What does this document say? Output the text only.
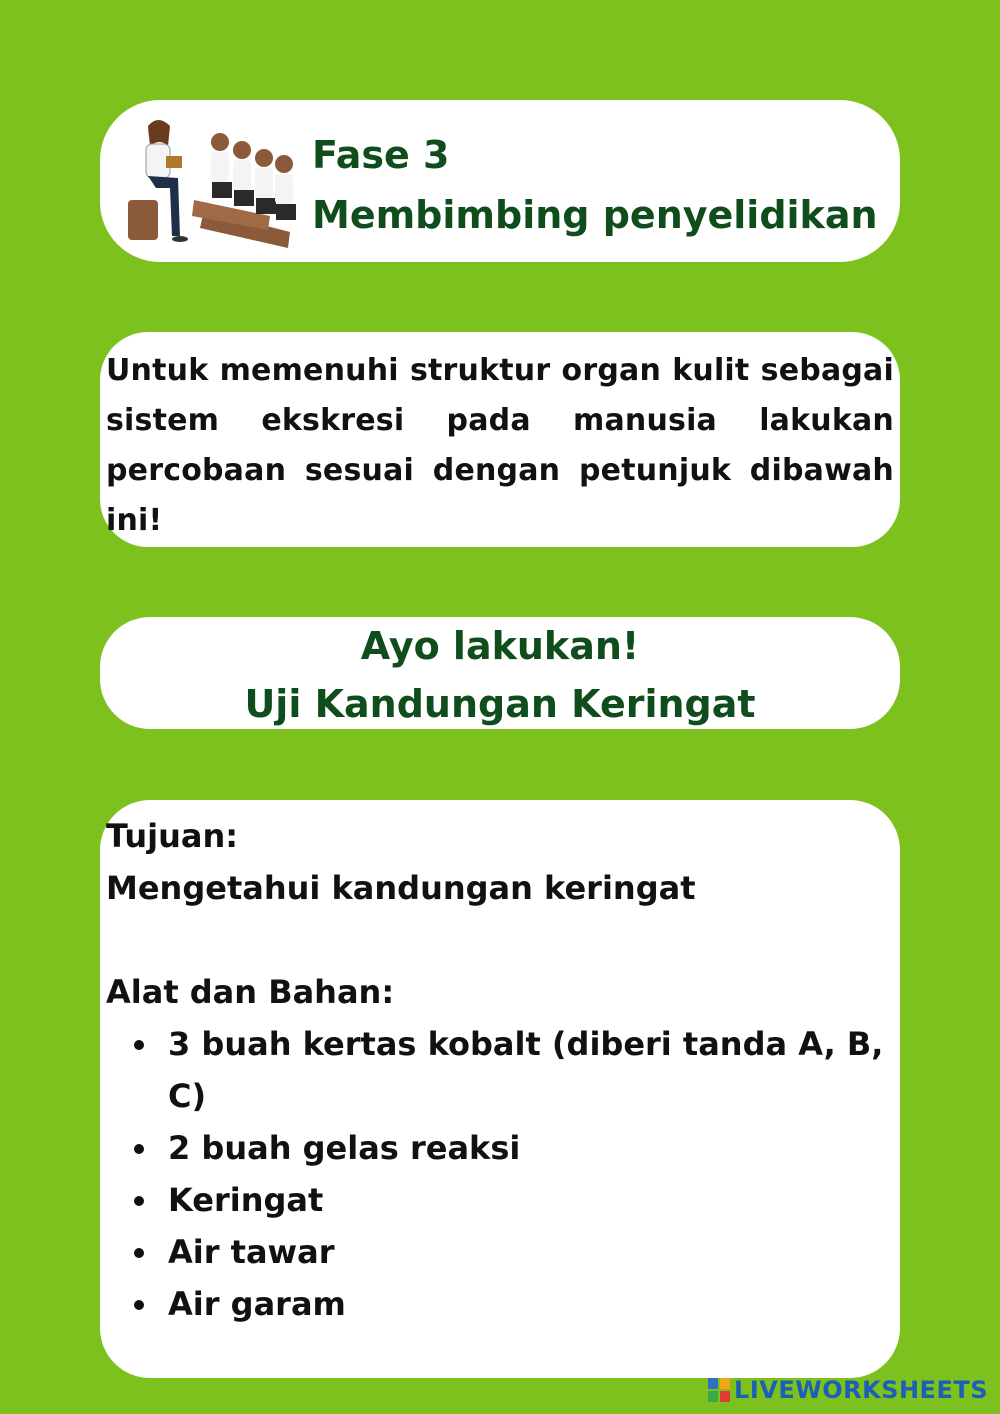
Fase 3
Membimbing penyelidikan

Untuk memenuhi struktur organ kulit sebagai sistem ekskresi pada manusia lakukan percobaan sesuai dengan petunjuk dibawah ini!

Ayo lakukan!
Uji Kandungan Keringat

Tujuan:

Mengetahui kandungan keringat

Alat dan Bahan:

3 buah kertas kobalt (diberi tanda A, B, C)
2 buah gelas reaksi
Keringat
Air tawar
Air garam
LIVEWORKSHEETS
